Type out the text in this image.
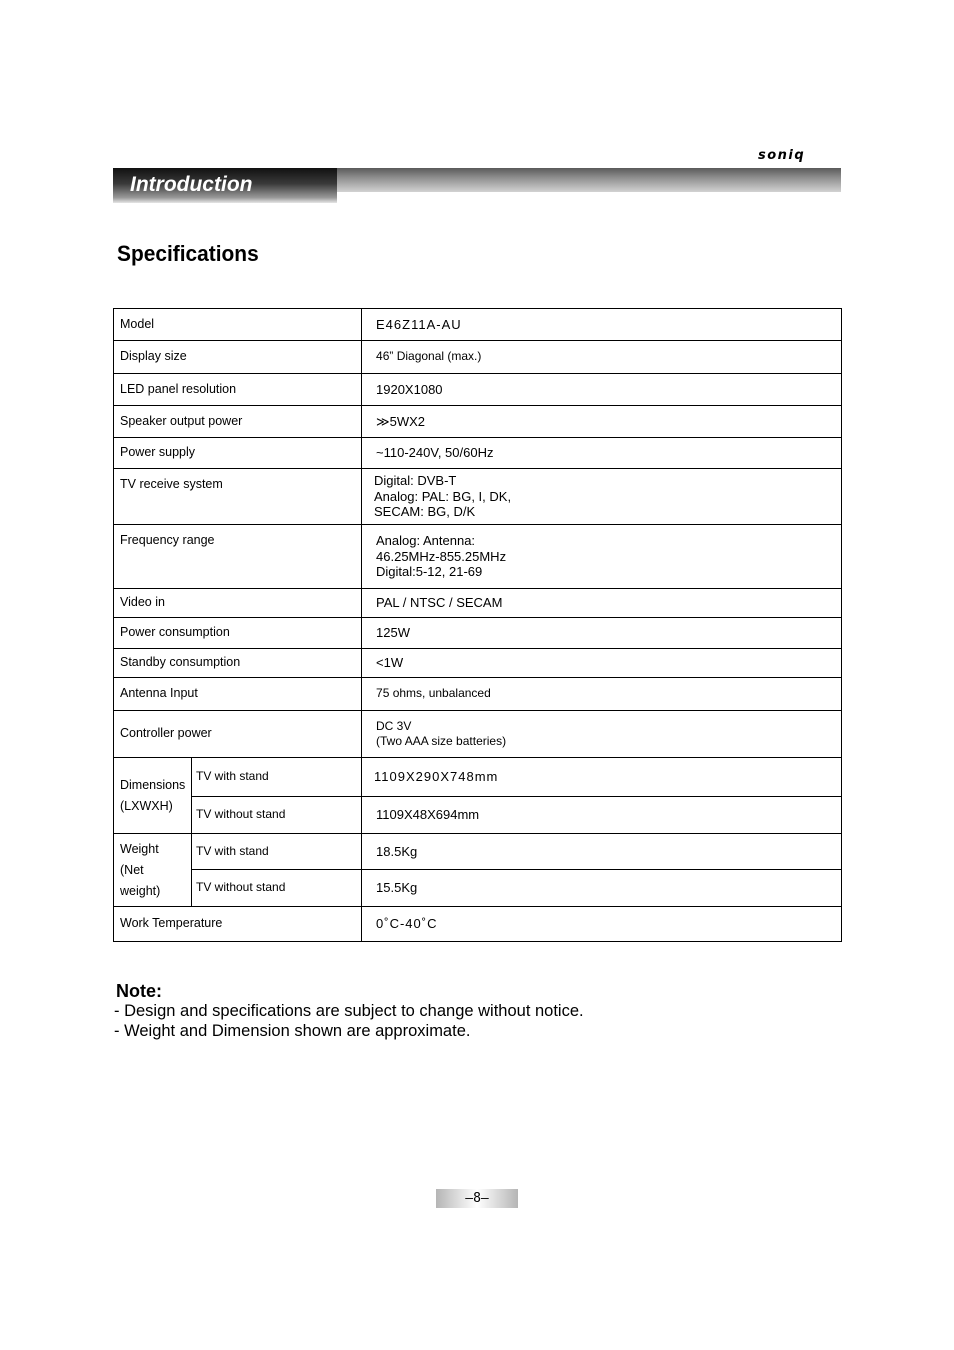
soniq
Introduction
Specifications
Model		E46Z11A-AU
Display size		46” Diagonal (max.)
LED panel resolution		1920X1080
Speaker output power		≫5WX2
Power supply		~110-240V, 50/60Hz
TV receive system		Digital: DVB-T
Analog: PAL: BG, I, DK,
SECAM: BG, D/K

Frequency range		Analog: Antenna:
46.25MHz-855.25MHz
Digital:5-12, 21-69

Video in		PAL / NTSC / SECAM
Power consumption		125W
Standby consumption		<1W
Antenna Input		75 ohms, unbalanced
Controller power		DC 3V
(Two AAA size batteries)

Dimensions
(LXWXH)	TV with stand	1109X290X748mm
	TV without stand	1109X48X694mm

Weight
(Net weight)	TV with stand	18.5Kg
	TV without stand	15.5Kg
Work Temperature		0˚C-40˚C
Note:
- Design and specifications are subject to change without notice.
- Weight and Dimension shown are approximate.
–8–
